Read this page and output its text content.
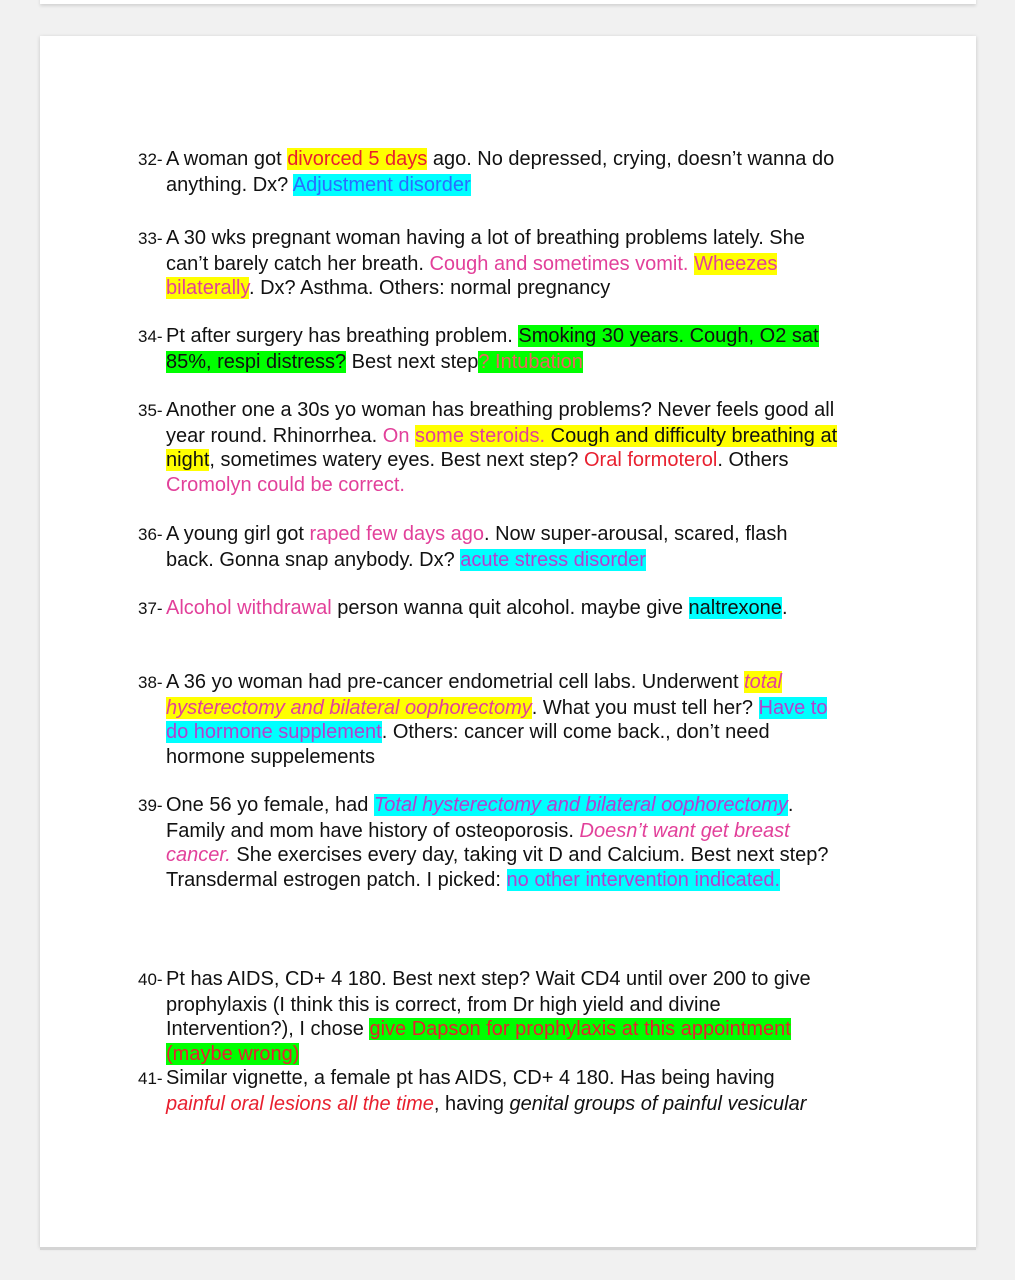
32- A woman got divorced 5 days ago. No depressed, crying, doesn’t wanna do anything. Dx? Adjustment disorder
33- A 30 wks pregnant woman having a lot of breathing problems lately. She can’t barely catch her breath. Cough and sometimes vomit. Wheezes bilaterally. Dx? Asthma. Others: normal pregnancy
34- Pt after surgery has breathing problem. Smoking 30 years. Cough, O2 sat 85%, respi distress? Best next step? Intubation
35- Another one a 30s yo woman has breathing problems? Never feels good all year round. Rhinorrhea. On some steroids. Cough and difficulty breathing at night, sometimes watery eyes. Best next step? Oral formoterol. Others Cromolyn could be correct.
36- A young girl got raped few days ago. Now super-arousal, scared, flash back. Gonna snap anybody. Dx? acute stress disorder
37- Alcohol withdrawal person wanna quit alcohol. maybe give naltrexone.
38- A 36 yo woman had pre-cancer endometrial cell labs. Underwent total hysterectomy and bilateral oophorectomy. What you must tell her? Have to do hormone supplement. Others: cancer will come back., don’t need hormone suppelements
39- One 56 yo female, had Total hysterectomy and bilateral oophorectomy. Family and mom have history of osteoporosis. Doesn’t want get breast cancer. She exercises every day, taking vit D and Calcium. Best next step? Transdermal estrogen patch. I picked: no other intervention indicated.
40- Pt has AIDS, CD+ 4 180. Best next step? Wait CD4 until over 200 to give prophylaxis (I think this is correct, from Dr high yield and divine Intervention?), I chose give Dapson for prophylaxis at this appointment (maybe wrong)
41- Similar vignette, a female pt has AIDS, CD+ 4 180. Has being having painful oral lesions all the time, having genital groups of painful vesicular
